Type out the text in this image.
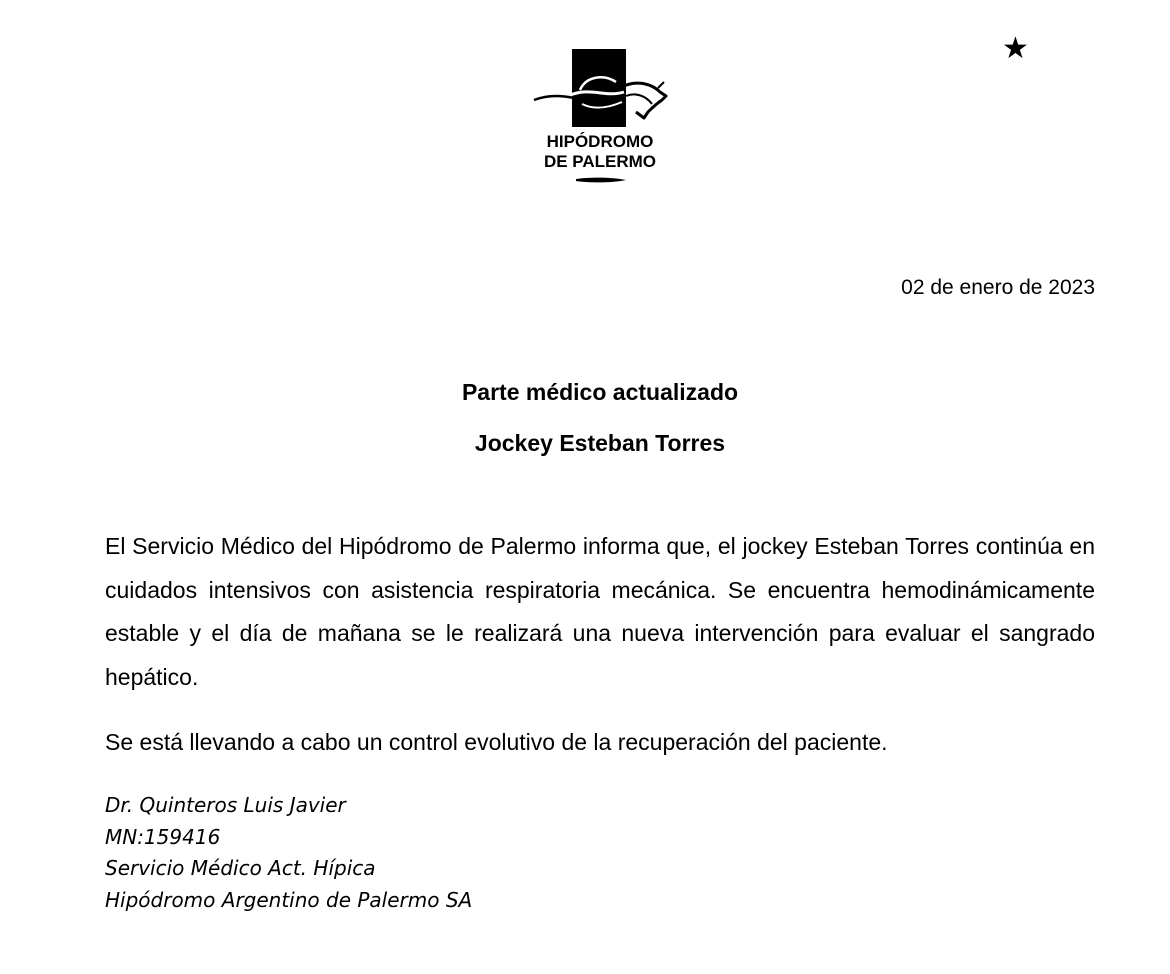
★
HIPÓDROMO
DE PALERMO
02 de enero de 2023
Parte médico actualizado
Jockey Esteban Torres

El Servicio Médico del Hipódromo de Palermo informa que, el jockey Esteban Torres continúa en cuidados intensivos con asistencia respiratoria mecánica. Se encuentra hemodinámicamente estable y el día de mañana se le realizará una nueva intervención para evaluar el sangrado hepático.

Se está llevando a cabo un control evolutivo de la recuperación del paciente.

Dr. Quinteros Luis Javier
MN:159416
Servicio Médico Act. Hípica
Hipódromo Argentino de Palermo SA
